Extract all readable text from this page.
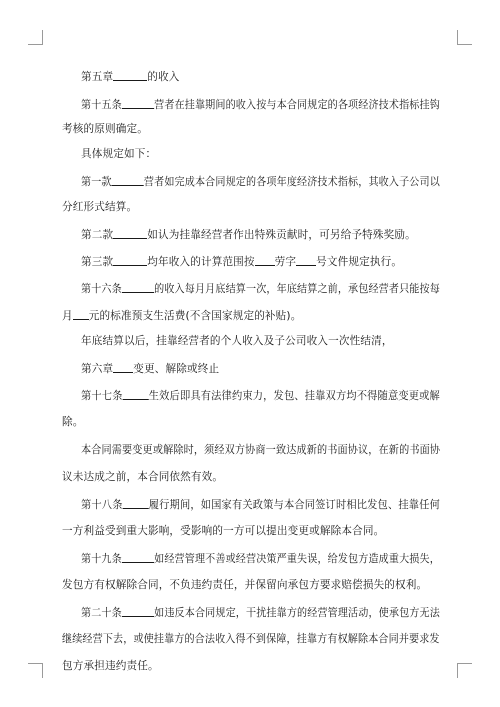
第五章	的收入
第十五条	营者在挂靠期间的收入按与本合同规定的各项经济技术指标挂钩
考核的原则确定。
具体规定如下：
第一款	营者如完成本合同规定的各项年度经济技术指标，其收入子公司以
分红形式结算。
第二款	如认为挂靠经营者作出特殊贡献时，可另给予特殊奖励。
第三款	均年收入的计算范围按 劳字 号文件规定执行。
第十六条	的收入每月月底结算一次，年底结算之前，承包经营者只能按每
月 元的标准预支生活费(不含国家规定的补贴)。
年底结算以后，挂靠经营者的个人收入及子公司收入一次性结清，
第六章 变更、解除或终止
第十七条 生效后即具有法律约束力，发包、挂靠双方均不得随意变更或解
除。
本合同需要变更或解除时，须经双方协商一致达成新的书面协议，在新的书面协
议未达成之前，本合同依然有效。
第十八条 履行期间，如国家有关政策与本合同签订时相比发包、挂靠任何
一方利益受到重大影响，受影响的一方可以提出变更或解除本合同。
第十九条	如经营管理不善或经营决策严重失误，给发包方造成重大损失，
发包方有权解除合同，不负违约责任，并保留向承包方要求赔偿损失的权利。
第二十条	如违反本合同规定，干扰挂靠方的经营管理活动，使承包方无法
继续经营下去，或使挂靠方的合法收入得不到保障，挂靠方有权解除本合同并要求发
包方承担违约责任。
